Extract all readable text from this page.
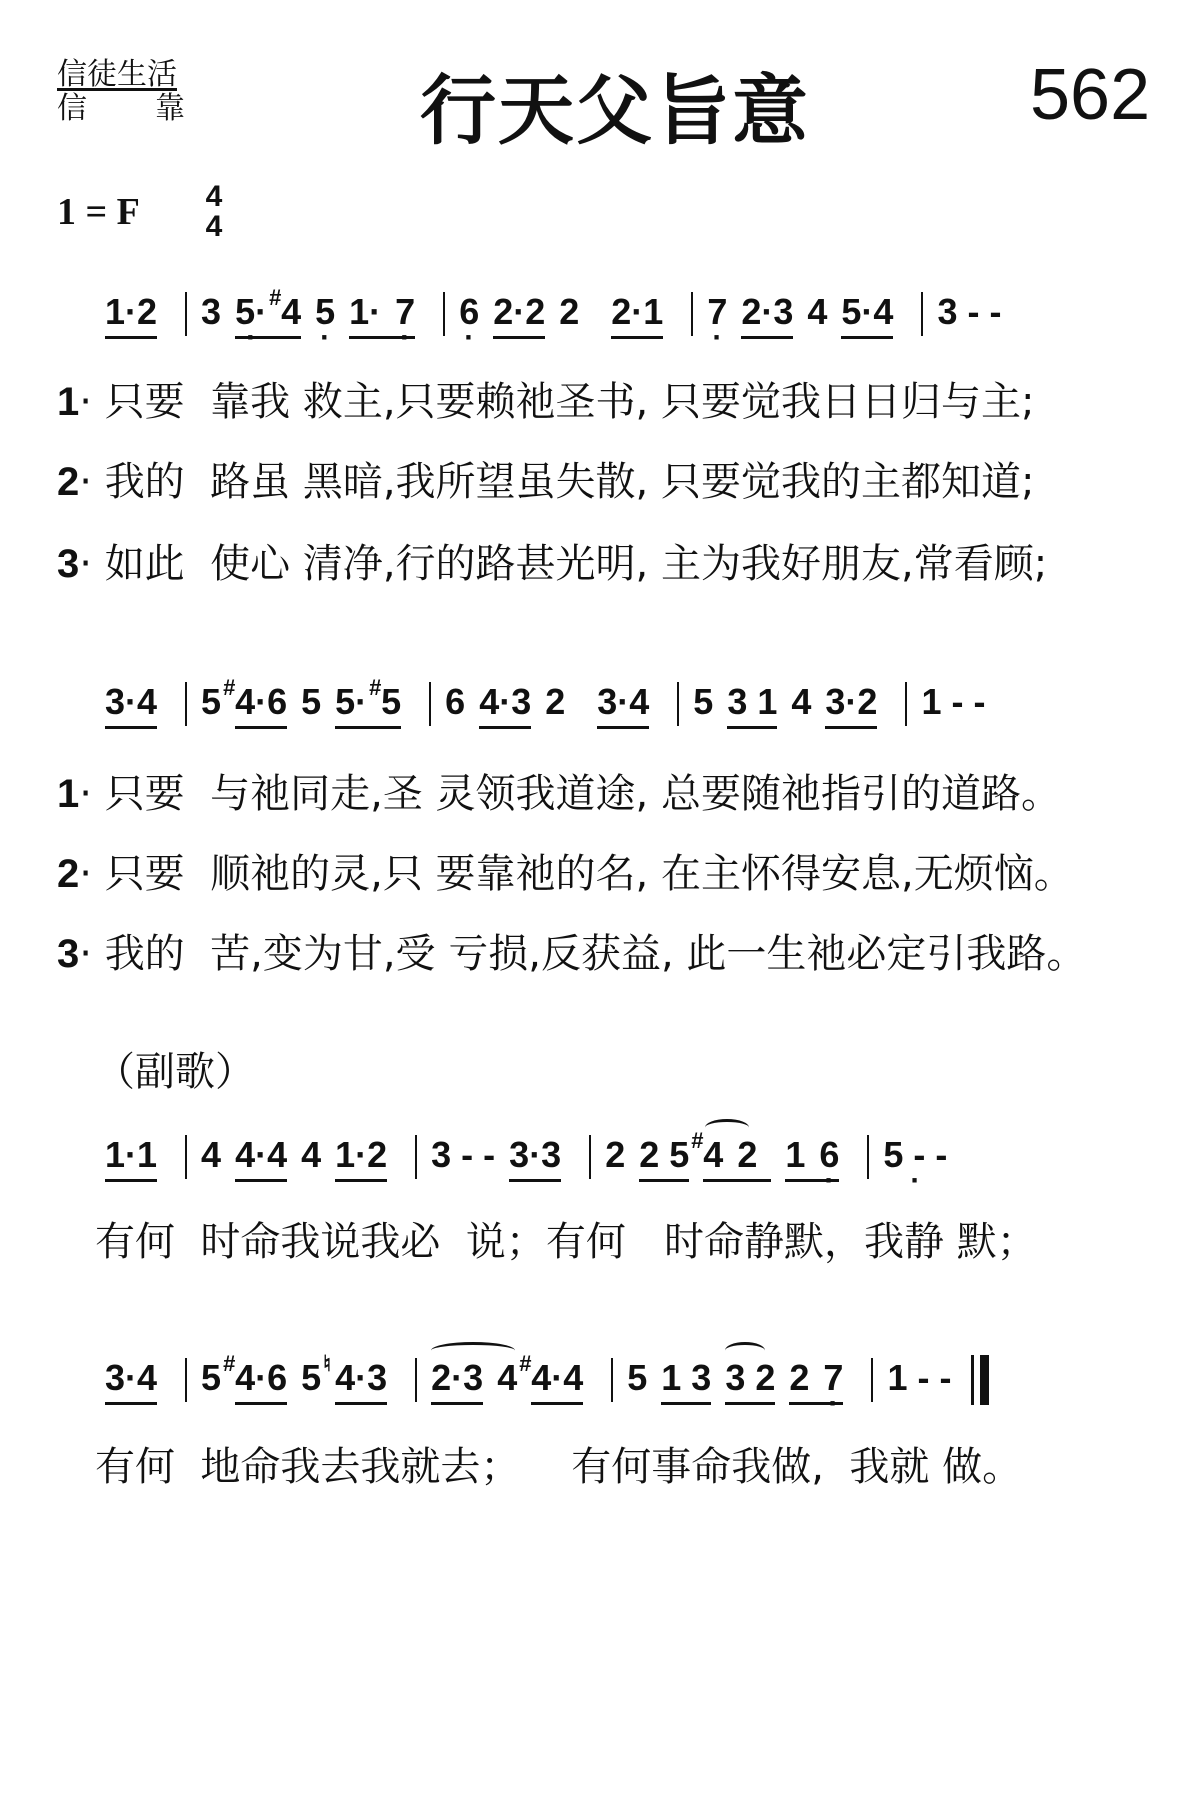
信徒生活
信 靠	行天父旨意	562
1 = F 4
4
1·2 3 5· · # 4 5 · 1· 7 · 6 · 2·2 2 2·1 7 · 2·3 4 5·4 3 - -
1· 只要  靠我 救主,只要赖祂圣书, 只要觉我日日归与主;
2· 我的  路虽 黑暗,我所望虽失散, 只要觉我的主都知道;
3· 如此  使心 清净,行的路甚光明, 主为我好朋友,常看顾;
3·4 5 # 4·6 5 5· # 5 6 4·3 2 3·4 5 3 1 4 3·2 1 - -
1· 只要  与祂同走,圣 灵领我道途, 总要随祂指引的道路。
2· 只要  顺祂的灵,只 要靠祂的名, 在主怀得安息,无烦恼。
3· 我的  苦,变为甘,受 亏损,反获益, 此一生祂必定引我路。
（副歌）
1·1 4 4·4 4 1·2 3 - - 3·3 2 2 5 # 4 2 1 6 · 5 - - ·
有何  时命我说我必  说；有何   时命静默，我静 默；
3·4 5 # 4·6 5 ♮ 4·3 2·3 4 # 4·4 5 1 3 3 2 2 7 · 1 - -
有何  地命我去我就去；    有何事命我做,  我就 做。
